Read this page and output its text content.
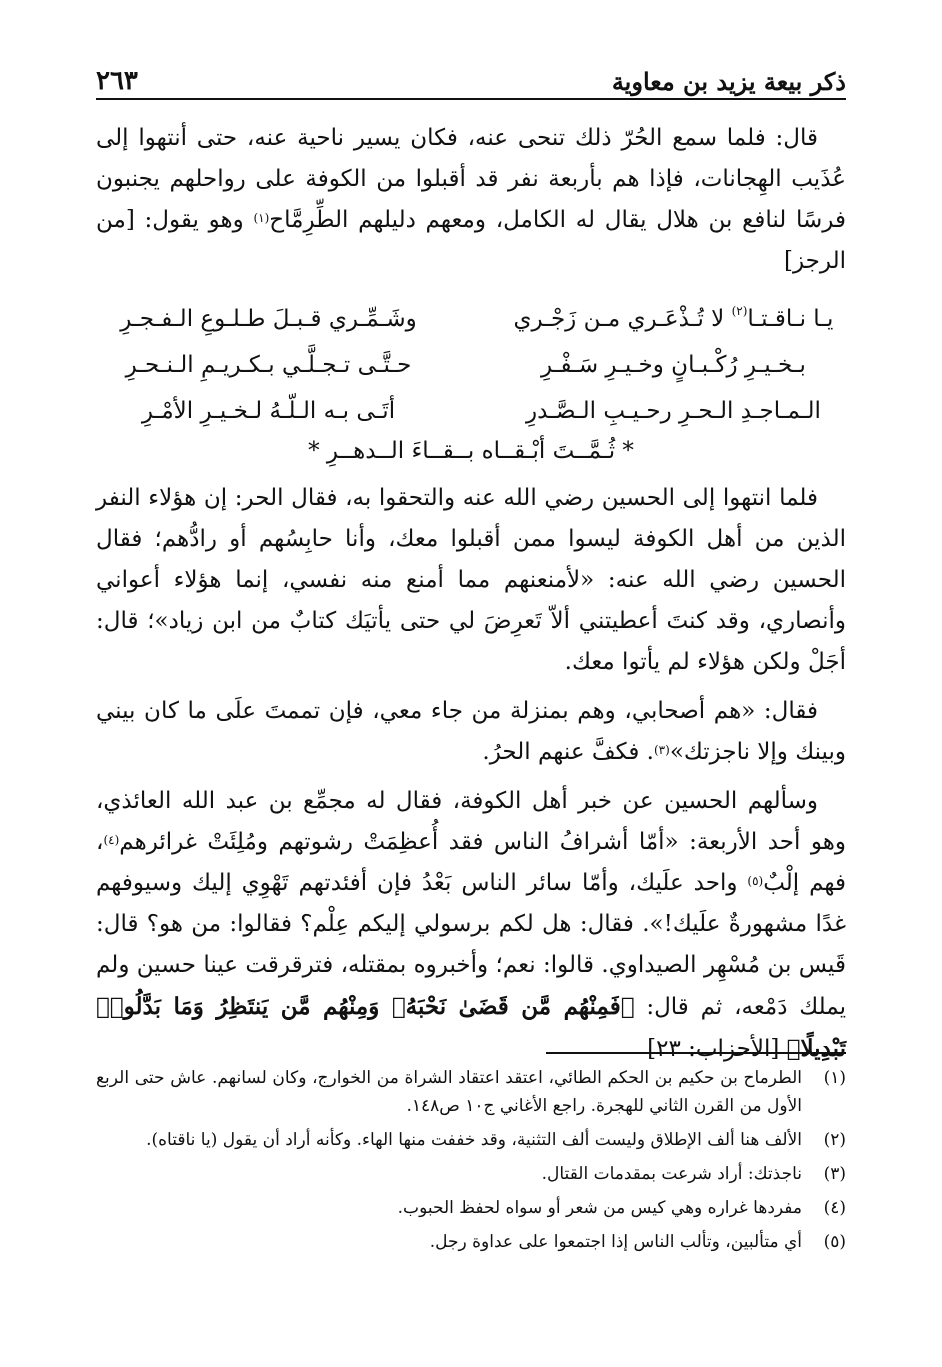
ذكر بيعة يزيد بن معاوية
٢٦٣

قال: فلما سمع الحُرّ ذلك تنحى عنه، فكان يسير ناحية عنه، حتى أنتهوا إلى عُذَيب الهِجانات، فإذا هم بأربعة نفر قد أقبلوا من الكوفة على رواحلهم يجنبون فرسًا لنافع بن هلال يقال له الكامل، ومعهم دليلهم الطِّرِمَّاح$^{(١)}$ وهو يقول: [من الرجز]

يـا نـاقـتـا$^{(٢)}$ لا تُـذْعَـري مـن زَجْـري
وشَـمِّـري قـبـلَ طـلـوعِ الـفـجـرِ
بـخـيـرِ رُكْـبـانٍ وخـيـرِ سَـفْـرِ
حـتَّـى تـجـلَّـي بـكـريـمِ الـنـحـرِ
الـمـاجـدِ الـحـرِ رحـيـبِ الـصَّـدرِ
أتَـى بـه الـلّـهُ لـخـيـرِ الأمْـرِ
* ثُـمَّــتَ أبْـقــاه بــقــاءَ الــدهــرِ *

فلما انتهوا إلى الحسين رضي الله عنه والتحقوا به، فقال الحر: إن هؤلاء النفر الذين من أهل الكوفة ليسوا ممن أقبلوا معك، وأنا حابِسُهم أو رادُّهم؛ فقال الحسين رضي الله عنه: «لأمنعنهم مما أمنع منه نفسي، إنما هؤلاء أعواني وأنصاري، وقد كنتَ أعطيتني ألاّ تَعرِضَ لي حتى يأتيَك كتابٌ من ابن زياد»؛ قال: أجَلْ ولكن هؤلاء لم يأتوا معك.

فقال: «هم أصحابي، وهم بمنزلة من جاء معي، فإن تممتَ علَى ما كان بيني وبينك وإلا ناجزتك»$^{(٣)}$. فكفَّ عنهم الحرُ.

وسألهم الحسين عن خبر أهل الكوفة، فقال له مجمِّع بن عبد الله العائذي، وهو أحد الأربعة: «أمّا أشرافُ الناس فقد أُعظِمَتْ رشوتهم ومُلِئَتْ غرائرهم$^{(٤)}$، فهم إلْبٌ$^{(٥)}$ واحد علَيك، وأمّا سائر الناس بَعْدُ فإن أفئدتهم تَهْوِي إليك وسيوفهم غدًا مشهورةٌ علَيك!». فقال: هل لكم برسولي إليكم عِلْم؟ فقالوا: من هو؟ قال: قَيس بن مُسْهِر الصيداوي. قالوا: نعم؛ وأخبروه بمقتله، فترقرقت عينا حسين ولم يملك دَمْعه، ثم قال: ﴿فَمِنْهُم مَّن قَضَىٰ نَحْبَهُۥ وَمِنْهُم مَّن يَنتَظِرُ وَمَا بَدَّلُوا۟ تَبْدِيلًا﴾ [الأحزاب: ٢٣]

(١)
الطرماح بن حكيم بن الحكم الطائي، اعتقد اعتقاد الشراة من الخوارج، وكان لسانهم. عاش حتى الربع الأول من القرن الثاني للهجرة. راجع الأغاني ج١٠ ص١٤٨.
(٢)
الألف هنا ألف الإطلاق وليست ألف التثنية، وقد خففت منها الهاء. وكأنه أراد أن يقول (يا ناقتاه).
(٣)
ناجذتك: أراد شرعت بمقدمات القتال.
(٤)
مفردها غراره وهي كيس من شعر أو سواه لحفظ الحبوب.
(٥)
أي متألبين، وتألب الناس إذا اجتمعوا على عداوة رجل.
